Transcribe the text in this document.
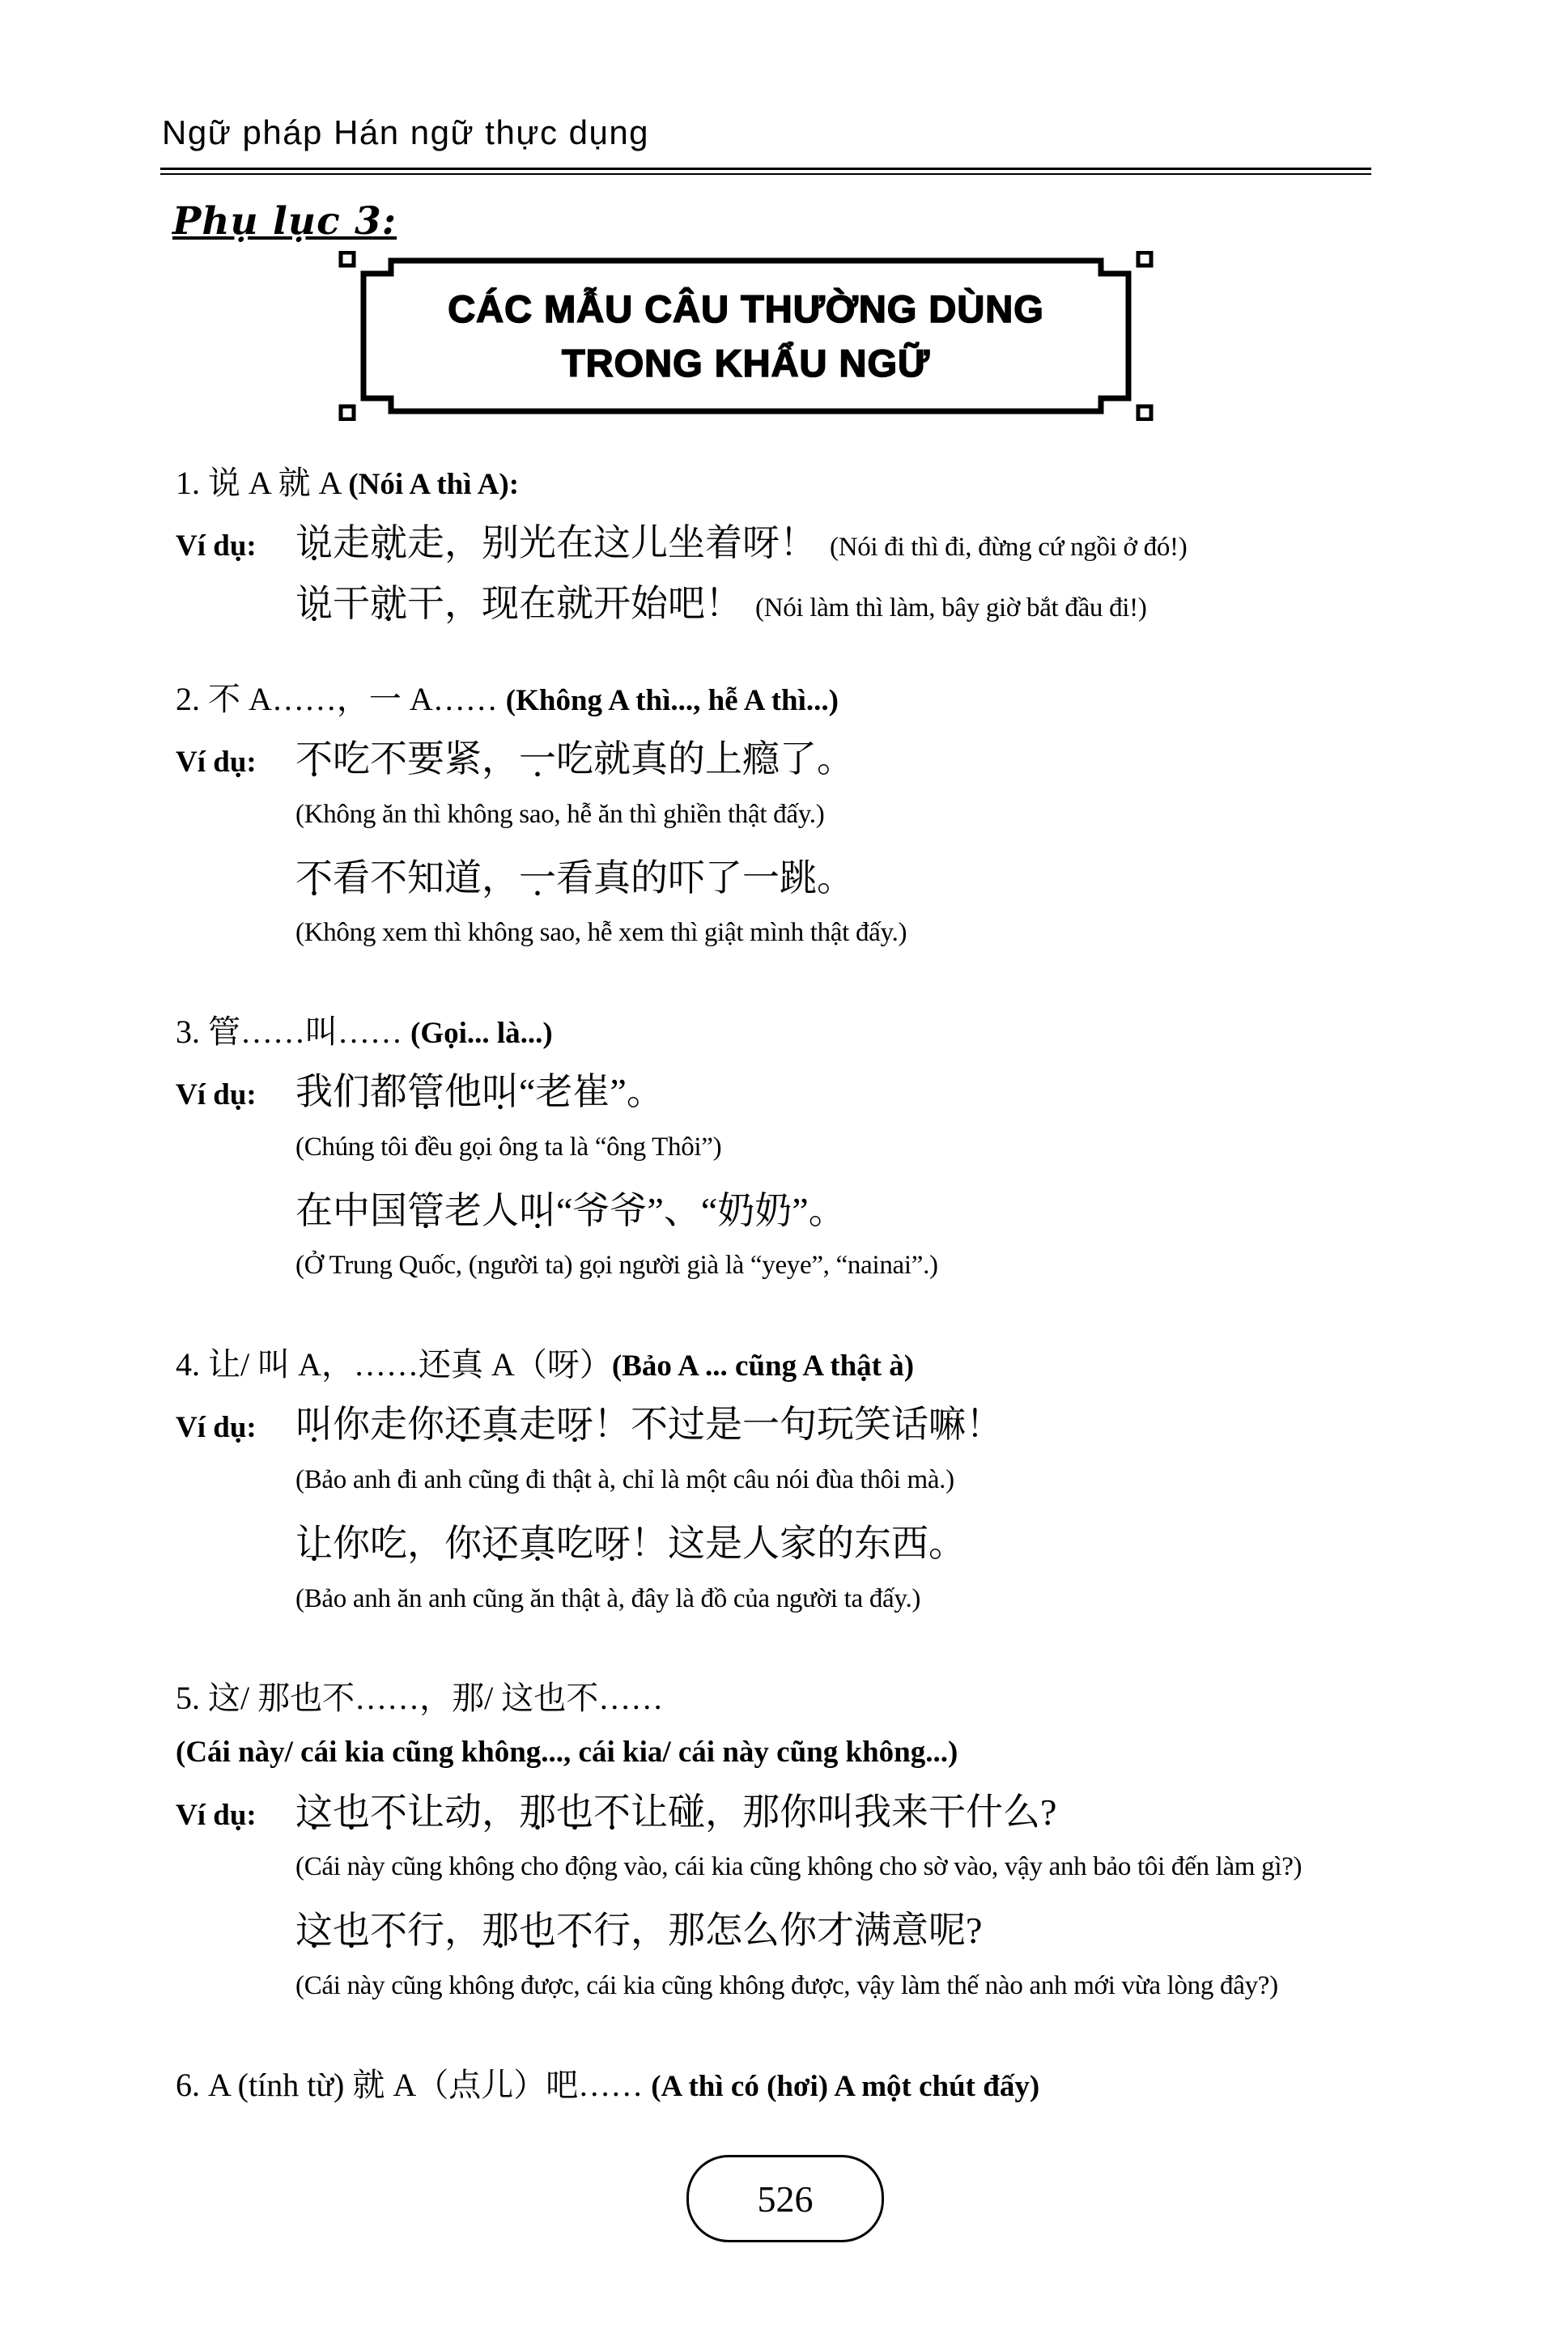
Ngữ pháp Hán ngữ thực dụng
Phụ lục 3:
CÁC MẪU CÂU THƯỜNG DÙNG
TRONG KHẨU NGỮ
1. 说 A 就 A (Nói A thì A):
Ví dụ:	说 ●走就 ●走，别光在这儿坐着呀！ (Nói đi thì đi, đừng cứ ngồi ở đó!)
说 ●干就 ●干，现在就开始吧！ (Nói làm thì làm, bây giờ bắt đầu đi!)
2. 不 A……，一 A…… (Không A thì..., hễ A thì...)
Ví dụ:	不 ●吃不要紧，一 ●吃就真的上瘾了。
(Không ăn thì không sao, hễ ăn thì ghiền thật đấy.)
不 ●看不知道，一 ●看真的吓了一跳。
(Không xem thì không sao, hễ xem thì giật mình thật đấy.)
3. 管……叫…… (Gọi... là...)
Ví dụ:	我们都管 ●他叫 ●“老崔”。
(Chúng tôi đều gọi ông ta là “ông Thôi”)
在中国管 ●老人叫 ●“爷爷”、“奶奶”。
(Ở Trung Quốc, (người ta) gọi người già là “yeye”, “nainai”.)
4. 让/ 叫 A，……还真 A（呀）(Bảo A ... cũng A thật à)
Ví dụ:	叫 ●你走你还 ●真 ●走呀 ●！不过是一句玩笑话嘛！
(Bảo anh đi anh cũng đi thật à, chỉ là một câu nói đùa thôi mà.)
让 ●你吃，你还 ●真 ●吃呀 ●！这是人家的东西。
(Bảo anh ăn anh cũng ăn thật à, đây là đồ của người ta đấy.)
5. 这/ 那也不……，那/ 这也不……
(Cái này/ cái kia cũng không..., cái kia/ cái này cũng không...)
Ví dụ:	这 ●也 ●不 ●让动，那 ●也 ●不 ●让碰，那你叫我来干什么?
(Cái này cũng không cho động vào, cái kia cũng không cho sờ vào, vậy anh bảo tôi đến làm gì?)
这 ●也 ●不 ●行，那 ●也 ●不 ●行，那怎么你才满意呢?
(Cái này cũng không được, cái kia cũng không được, vậy làm thế nào anh mới vừa lòng đây?)
6. A (tính từ) 就 A（点儿）吧…… (A thì có (hơi) A một chút đấy)
526
